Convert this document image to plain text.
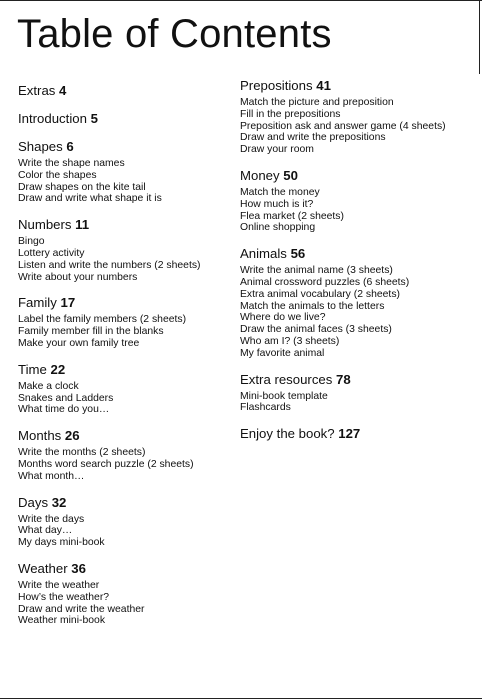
Table of Contents
Extras 4
Introduction 5
Shapes 6
Write the shape names
Color the shapes
Draw shapes on the kite tail
Draw and write what shape it is
Numbers 11
Bingo
Lottery activity
Listen and write the numbers (2 sheets)
Write about your numbers
Family 17
Label the family members (2 sheets)
Family member fill in the blanks
Make your own family tree
Time 22
Make a clock
Snakes and Ladders
What time do you…
Months 26
Write the months (2 sheets)
Months word search puzzle (2 sheets)
What month…
Days 32
Write the days
What day…
My days mini-book
Weather 36
Write the weather
How’s the weather?
Draw and write the weather
Weather mini-book
Prepositions 41
Match the picture and preposition
Fill in the prepositions
Preposition ask and answer game (4 sheets)
Draw and write the prepositions
Draw your room
Money 50
Match the money
How much is it?
Flea market (2 sheets)
Online shopping
Animals 56
Write the animal name (3 sheets)
Animal crossword puzzles (6 sheets)
Extra animal vocabulary (2 sheets)
Match the animals to the letters
Where do we live?
Draw the animal faces (3 sheets)
Who am I? (3 sheets)
My favorite animal
Extra resources 78
Mini-book template
Flashcards
Enjoy the book? 127
